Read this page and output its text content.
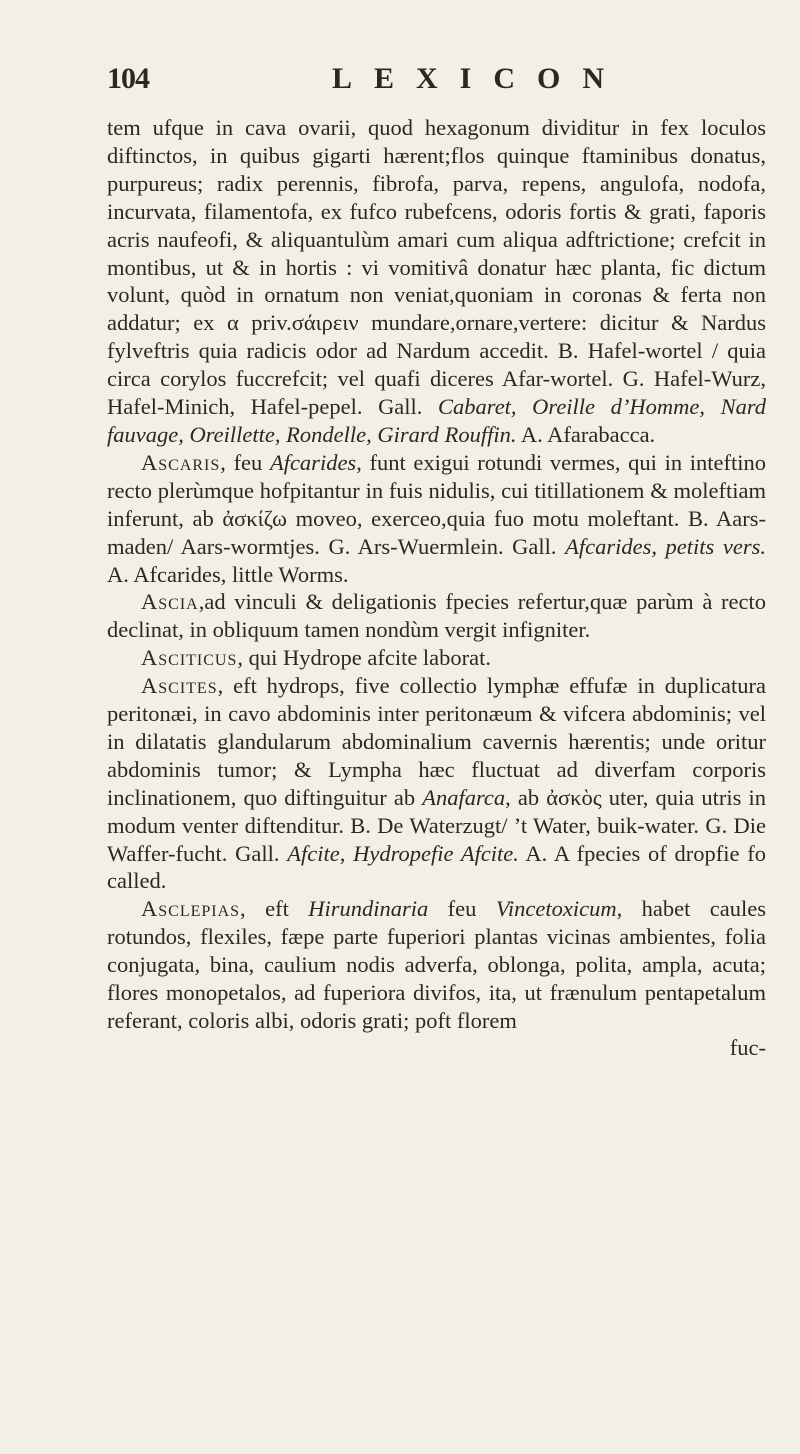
104	LEXICON

tem ufque in cava ovarii, quod hexagonum dividitur in fex loculos diftinctos, in quibus gigarti hærent;flos quinque ftaminibus donatus, purpureus; radix perennis, fibrofa, parva, repens, angulofa, nodofa, incurvata, filamentofa, ex fufco rubefcens, odoris fortis & grati, faporis acris naufeofi, & aliquantulùm amari cum aliqua adftrictione; crefcit in montibus, ut & in hortis : vi vomitivâ donatur hæc planta, fic dictum volunt, quòd in ornatum non veniat,quoniam in coronas & ferta non addatur; ex α priv.σάιρειν mundare,ornare,vertere: dicitur & Nardus fylveftris quia radicis odor ad Nardum accedit. B. Hafel-wortel / quia circa corylos fuccrefcit; vel quafi diceres Afar-wortel. G. Hafel-Wurz, Hafel-Minich, Hafel-pepel. Gall. Cabaret, Oreille d’Homme, Nard fauvage, Oreillette, Rondelle, Girard Rouffin. A. Afarabacca.

Ascaris, feu Afcarides, funt exigui rotundi vermes, qui in inteftino recto plerùmque hofpitantur in fuis nidulis, cui titillationem & moleftiam inferunt, ab ἀσκίζω moveo, exerceo,quia fuo motu moleftant. B. Aars-maden/ Aars-wormtjes. G. Ars-Wuermlein. Gall. Afcarides, petits vers. A. Afcarides, little Worms.

Ascia,ad vinculi & deligationis fpecies refertur,quæ parùm à recto declinat, in obliquum tamen nondùm vergit infigniter.

Asciticus, qui Hydrope afcite laborat.

Ascites, eft hydrops, five collectio lymphæ effufæ in duplicatura peritonæi, in cavo abdominis inter peritonæum & vifcera abdominis; vel in dilatatis glandularum abdominalium cavernis hærentis; unde oritur abdominis tumor; & Lympha hæc fluctuat ad diverfam corporis inclinationem, quo diftinguitur ab Anafarca, ab ἀσκὸς uter, quia utris in modum venter diftenditur. B. De Waterzugt/ ’t Water, buik-water. G. Die Waffer-fucht. Gall. Afcite, Hydropefie Afcite. A. A fpecies of dropfie fo called.

Asclepias, eft Hirundinaria feu Vincetoxicum, habet caules rotundos, flexiles, fæpe parte fuperiori plantas vicinas ambientes, folia conjugata, bina, caulium nodis adverfa, oblonga, polita, ampla, acuta; flores monopetalos, ad fuperiora divifos, ita, ut frænulum pentapetalum referant, coloris albi, odoris grati; poft florem

fuc-
